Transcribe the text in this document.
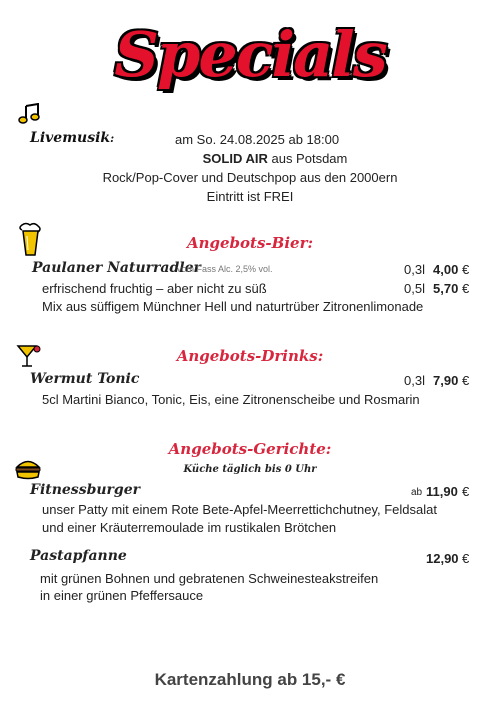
Specials
Livemusik:	am So. 24.08.2025 ab 18:00
SOLID AIR aus Potsdam
Rock/Pop-Cover und Deutschpop aus den 2000ern
Eintritt ist FREI
Angebots-Bier:
Paulaner Naturradler
vom Fass Alc. 2,5% vol.	0,3l 4,00 €
erfrischend fruchtig – aber nicht zu süß	0,5l 5,70 €
Mix aus süffigem Münchner Hell und naturtrüber Zitronenlimonade
Angebots-Drinks:
Wermut Tonic	0,3l 7,90 €
5cl Martini Bianco, Tonic, Eis, eine Zitronenscheibe und Rosmarin
Angebots-Gerichte:
Küche täglich bis 0 Uhr
Fitnessburger	ab 11,90 €
unser Patty mit einem Rote Bete-Apfel-Meerrettichchutney, Feldsalat
und einer Kräuterremoulade im rustikalen Brötchen
Pastapfanne	12,90 €
mit grünen Bohnen und gebratenen Schweinesteakstreifen
in einer grünen Pfeffersauce
Kartenzahlung ab 15,- €
